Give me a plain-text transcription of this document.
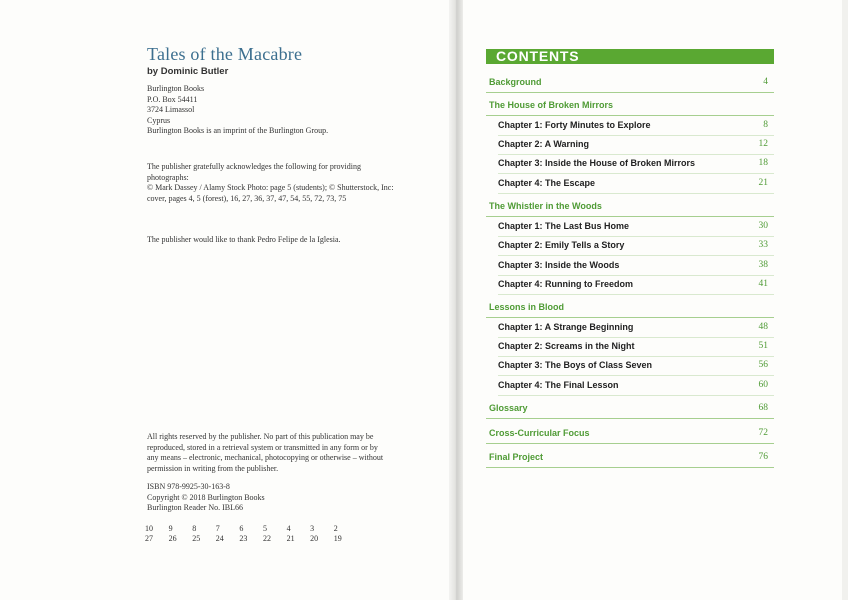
Tales of the Macabre
by Dominic Butler
Burlington Books
P.O. Box 54411
3724 Limassol
Cyprus
Burlington Books is an imprint of the Burlington Group.
The publisher gratefully acknowledges the following for providing
photographs:
© Mark Dassey / Alamy Stock Photo: page 5 (students); © Shutterstock, Inc:
cover, pages 4, 5 (forest), 16, 27, 36, 37, 47, 54, 55, 72, 73, 75
The publisher would like to thank Pedro Felipe de la Iglesia.
All rights reserved by the publisher. No part of this publication may be
reproduced, stored in a retrieval system or transmitted in any form or by
any means – electronic, mechanical, photocopying or otherwise – without
permission in writing from the publisher.
ISBN 978-9925-30-163-8
Copyright © 2018 Burlington Books
Burlington Reader No. IBL66
10	9	8	7	6	5	4	3	2
27	26	25	24	23	22	21	20	19
CONTENTS
Background	4
The House of Broken Mirrors
Chapter 1: Forty Minutes to Explore	8
Chapter 2: A Warning	12
Chapter 3: Inside the House of Broken Mirrors	18
Chapter 4: The Escape	21
The Whistler in the Woods
Chapter 1: The Last Bus Home	30
Chapter 2: Emily Tells a Story	33
Chapter 3: Inside the Woods	38
Chapter 4: Running to Freedom	41
Lessons in Blood
Chapter 1: A Strange Beginning	48
Chapter 2: Screams in the Night	51
Chapter 3: The Boys of Class Seven	56
Chapter 4: The Final Lesson	60
Glossary	68
Cross-Curricular Focus	72
Final Project	76
